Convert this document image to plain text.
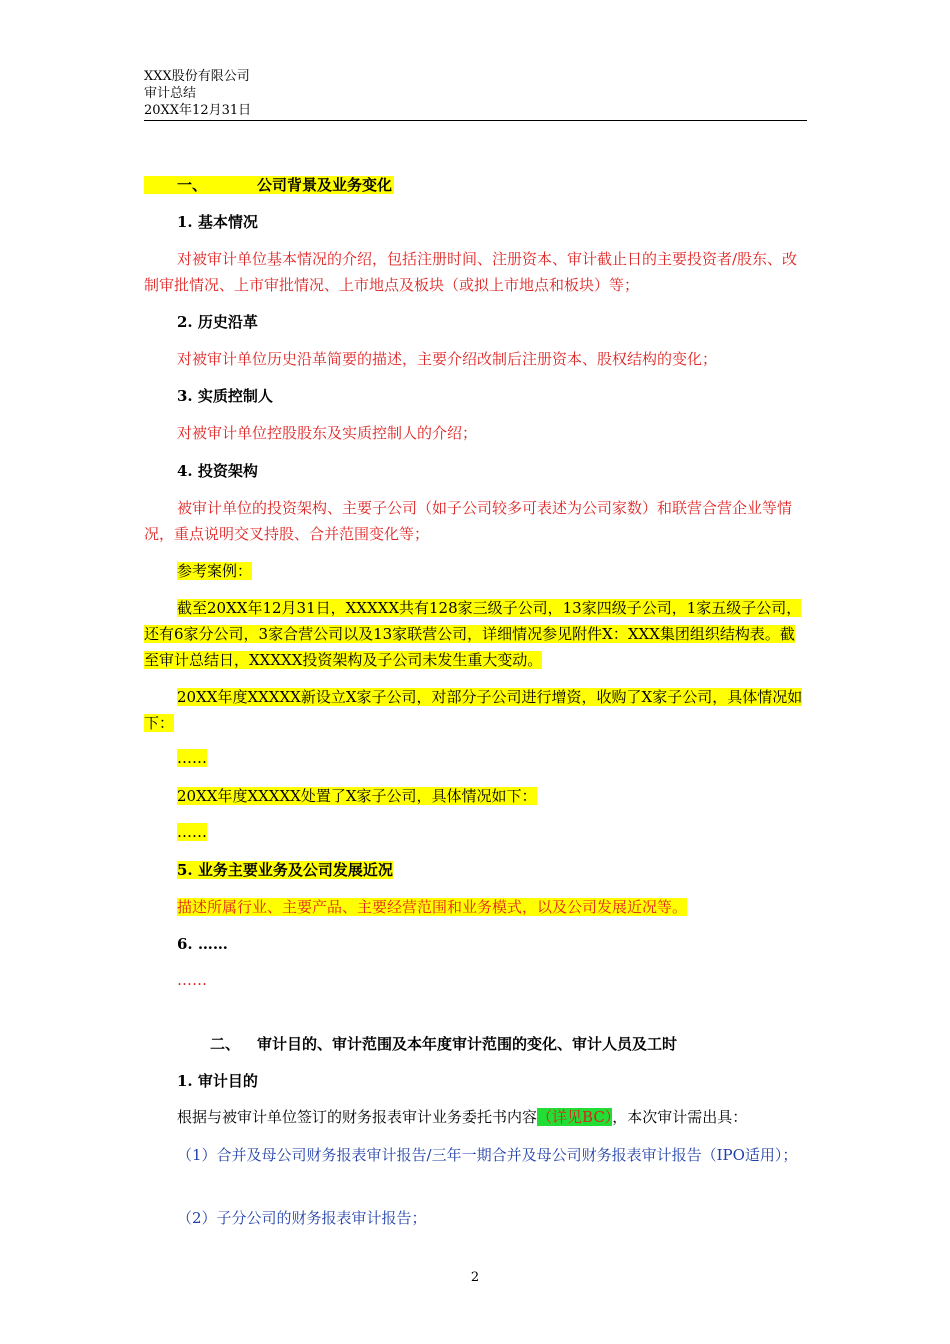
XXX股份有限公司
审计总结
20XX年12月31日

一、	公司背景及业务变化

1. 基本情况

对被审计单位基本情况的介绍，包括注册时间、注册资本、审计截止日的主要投资者/股东、改制审批情况、上市审批情况、上市地点及板块（或拟上市地点和板块）等；

2. 历史沿革

对被审计单位历史沿革简要的描述，主要介绍改制后注册资本、股权结构的变化；

3. 实质控制人

对被审计单位控股股东及实质控制人的介绍；

4. 投资架构

被审计单位的投资架构、主要子公司（如子公司较多可表述为公司家数）和联营合营企业等情况，重点说明交叉持股、合并范围变化等；

参考案例：

截至20XX年12月31日，XXXXX共有128家三级子公司，13家四级子公司，1家五级子公司，还有6家分公司，3家合营公司以及13家联营公司，详细情况参见附件X：XXX集团组织结构表。截至审计总结日，XXXXX投资架构及子公司未发生重大变动。

20XX年度XXXXX新设立X家子公司，对部分子公司进行增资，收购了X家子公司，具体情况如下：

……

20XX年度XXXXX处置了X家子公司，具体情况如下：

……

5. 业务主要业务及公司发展近况

描述所属行业、主要产品、主要经营范围和业务模式，以及公司发展近况等。

6. ……

……

二、 审计目的、审计范围及本年度审计范围的变化、审计人员及工时

1. 审计目的

根据与被审计单位签订的财务报表审计业务委托书内容（详见BC），本次审计需出具：

（1）合并及母公司财务报表审计报告/三年一期合并及母公司财务报表审计报告（IPO适用）；

（2）子分公司的财务报表审计报告；

2
